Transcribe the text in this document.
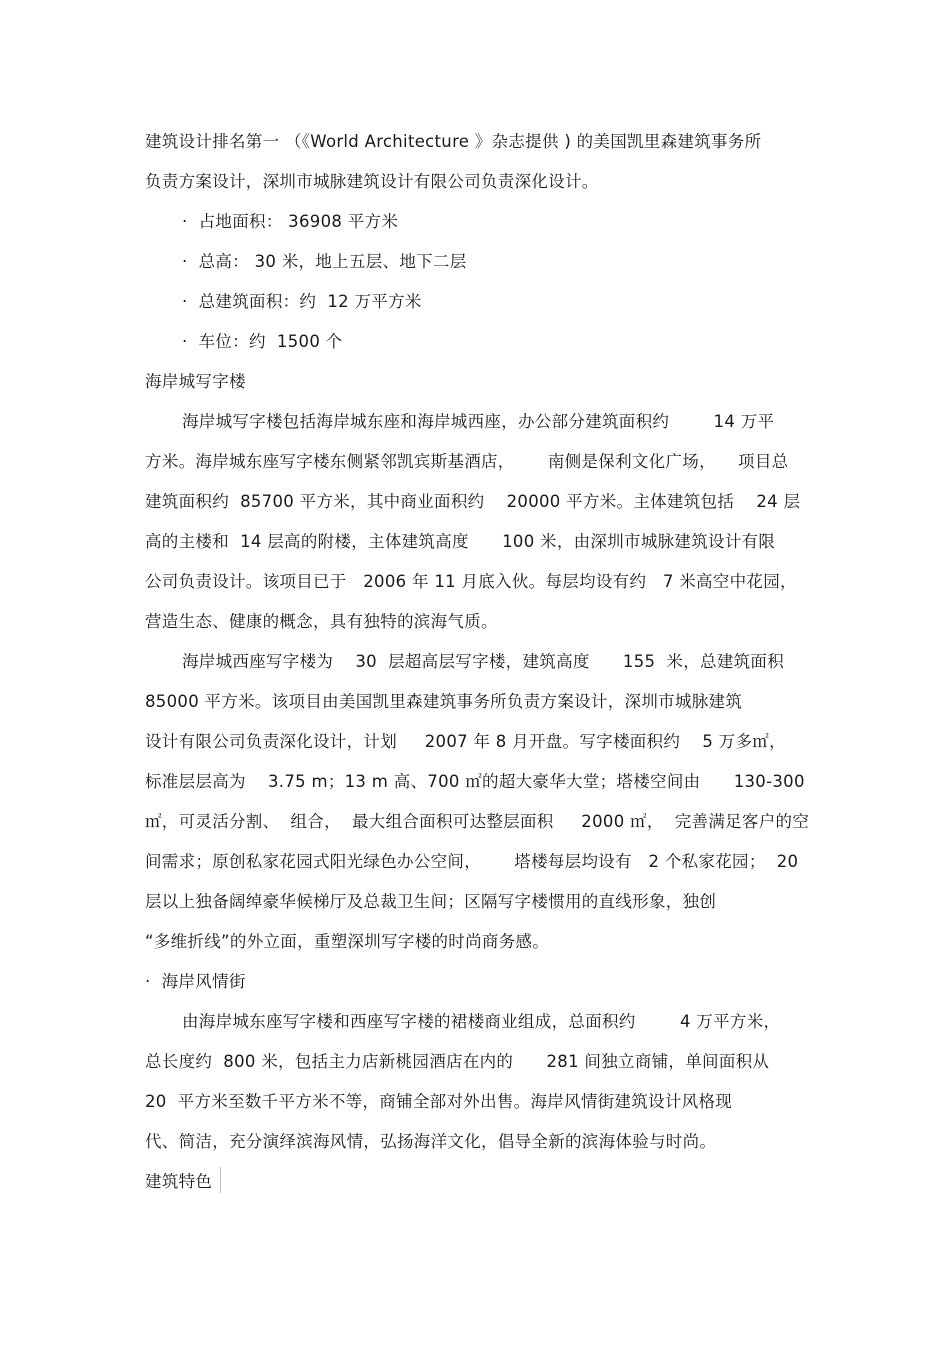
建筑设计排名第一 （《World Architecture 》杂志提供 ) 的美国凯里森建筑事务所
负责方案设计，深圳市城脉建筑设计有限公司负责深化设计。
·  占地面积： 36908 平方米
·  总高： 30 米，地上五层、地下二层
·  总建筑面积：约  12 万平方米
·  车位：约  1500 个
海岸城写字楼
海岸城写字楼包括海岸城东座和海岸城西座，办公部分建筑面积约        14 万平
方米。海岸城东座写字楼东侧紧邻凯宾斯基酒店，      南侧是保利文化广场，    项目总
建筑面积约  85700 平方米，其中商业面积约    20000 平方米。主体建筑包括    24 层
高的主楼和  14 层高的附楼，主体建筑高度      100 米，由深圳市城脉建筑设计有限
公司负责设计。该项目已于   2006 年 11 月底入伙。每层均设有约   7 米高空中花园，
营造生态、健康的概念，具有独特的滨海气质。
海岸城西座写字楼为    30  层超高层写字楼，建筑高度      155  米，总建筑面积
85000 平方米。该项目由美国凯里森建筑事务所负责方案设计，深圳市城脉建筑
设计有限公司负责深化设计，计划     2007 年 8 月开盘。写字楼面积约    5 万多㎡，
标准层层高为    3.75 m；13 m 高、700 ㎡的超大豪华大堂；塔楼空间由      130-300
㎡，可灵活分割、  组合，  最大组合面积可达整层面积     2000 ㎡，  完善满足客户的空
间需求；原创私家花园式阳光绿色办公空间，      塔楼每层均设有   2 个私家花园；  20
层以上独备阔绰豪华候梯厅及总裁卫生间；区隔写字楼惯用的直线形象，独创
“多维折线”的外立面，重塑深圳写字楼的时尚商务感。
·  海岸风情街
由海岸城东座写字楼和西座写字楼的裙楼商业组成，总面积约        4 万平方米，
总长度约  800 米，包括主力店新桃园酒店在内的      281 间独立商铺，单间面积从
20  平方米至数千平方米不等，商铺全部对外出售。海岸风情街建筑设计风格现
代、简洁，充分演绎滨海风情，弘扬海洋文化，倡导全新的滨海体验与时尚。
建筑特色
